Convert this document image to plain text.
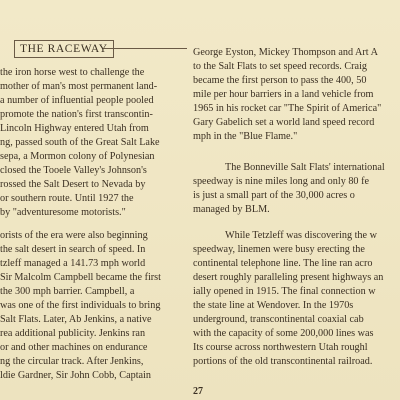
THE RACEWAY
the iron horse west to challenge the
mother of man's most permanent land-
a number of influential people pooled
promote the nation's first transcontin-
Lincoln Highway entered Utah from
ng, passed south of the Great Salt Lake
sepa, a Mormon colony of Polynesian
closed the Tooele Valley's Johnson's
rossed the Salt Desert to Nevada by
or southern route. Until 1927 the
by "adventuresome motorists."
orists of the era were also beginning
the salt desert in search of speed. In
tzleff managed a 141.73 mph world
Sir Malcolm Campbell became the first
the 300 mph barrier. Campbell, a
was one of the first individuals to bring
Salt Flats. Later, Ab Jenkins, a native
rea additional publicity. Jenkins ran
or and other machines on endurance
ng the circular track. After Jenkins,
ldie Gardner, Sir John Cobb, Captain
George Eyston, Mickey Thompson and Art A
to the Salt Flats to set speed records. Craig
became the first person to pass the 400, 50
mile per hour barriers in a land vehicle from
1965 in his rocket car "The Spirit of America"
Gary Gabelich set a world land speed record
mph in the "Blue Flame."
The Bonneville Salt Flats' international
speedway is nine miles long and only 80 fe
is just a small part of the 30,000 acres o
managed by BLM.
While Tetzleff was discovering the w
speedway, linemen were busy erecting the
continental telephone line. The line ran acro
desert roughly paralleling present highways an
ially opened in 1915. The final connection w
the state line at Wendover. In the 1970s
underground, transcontinental coaxial cab
with the capacity of some 200,000 lines was
Its course across northwestern Utah roughl
portions of the old transcontinental railroad.
27
